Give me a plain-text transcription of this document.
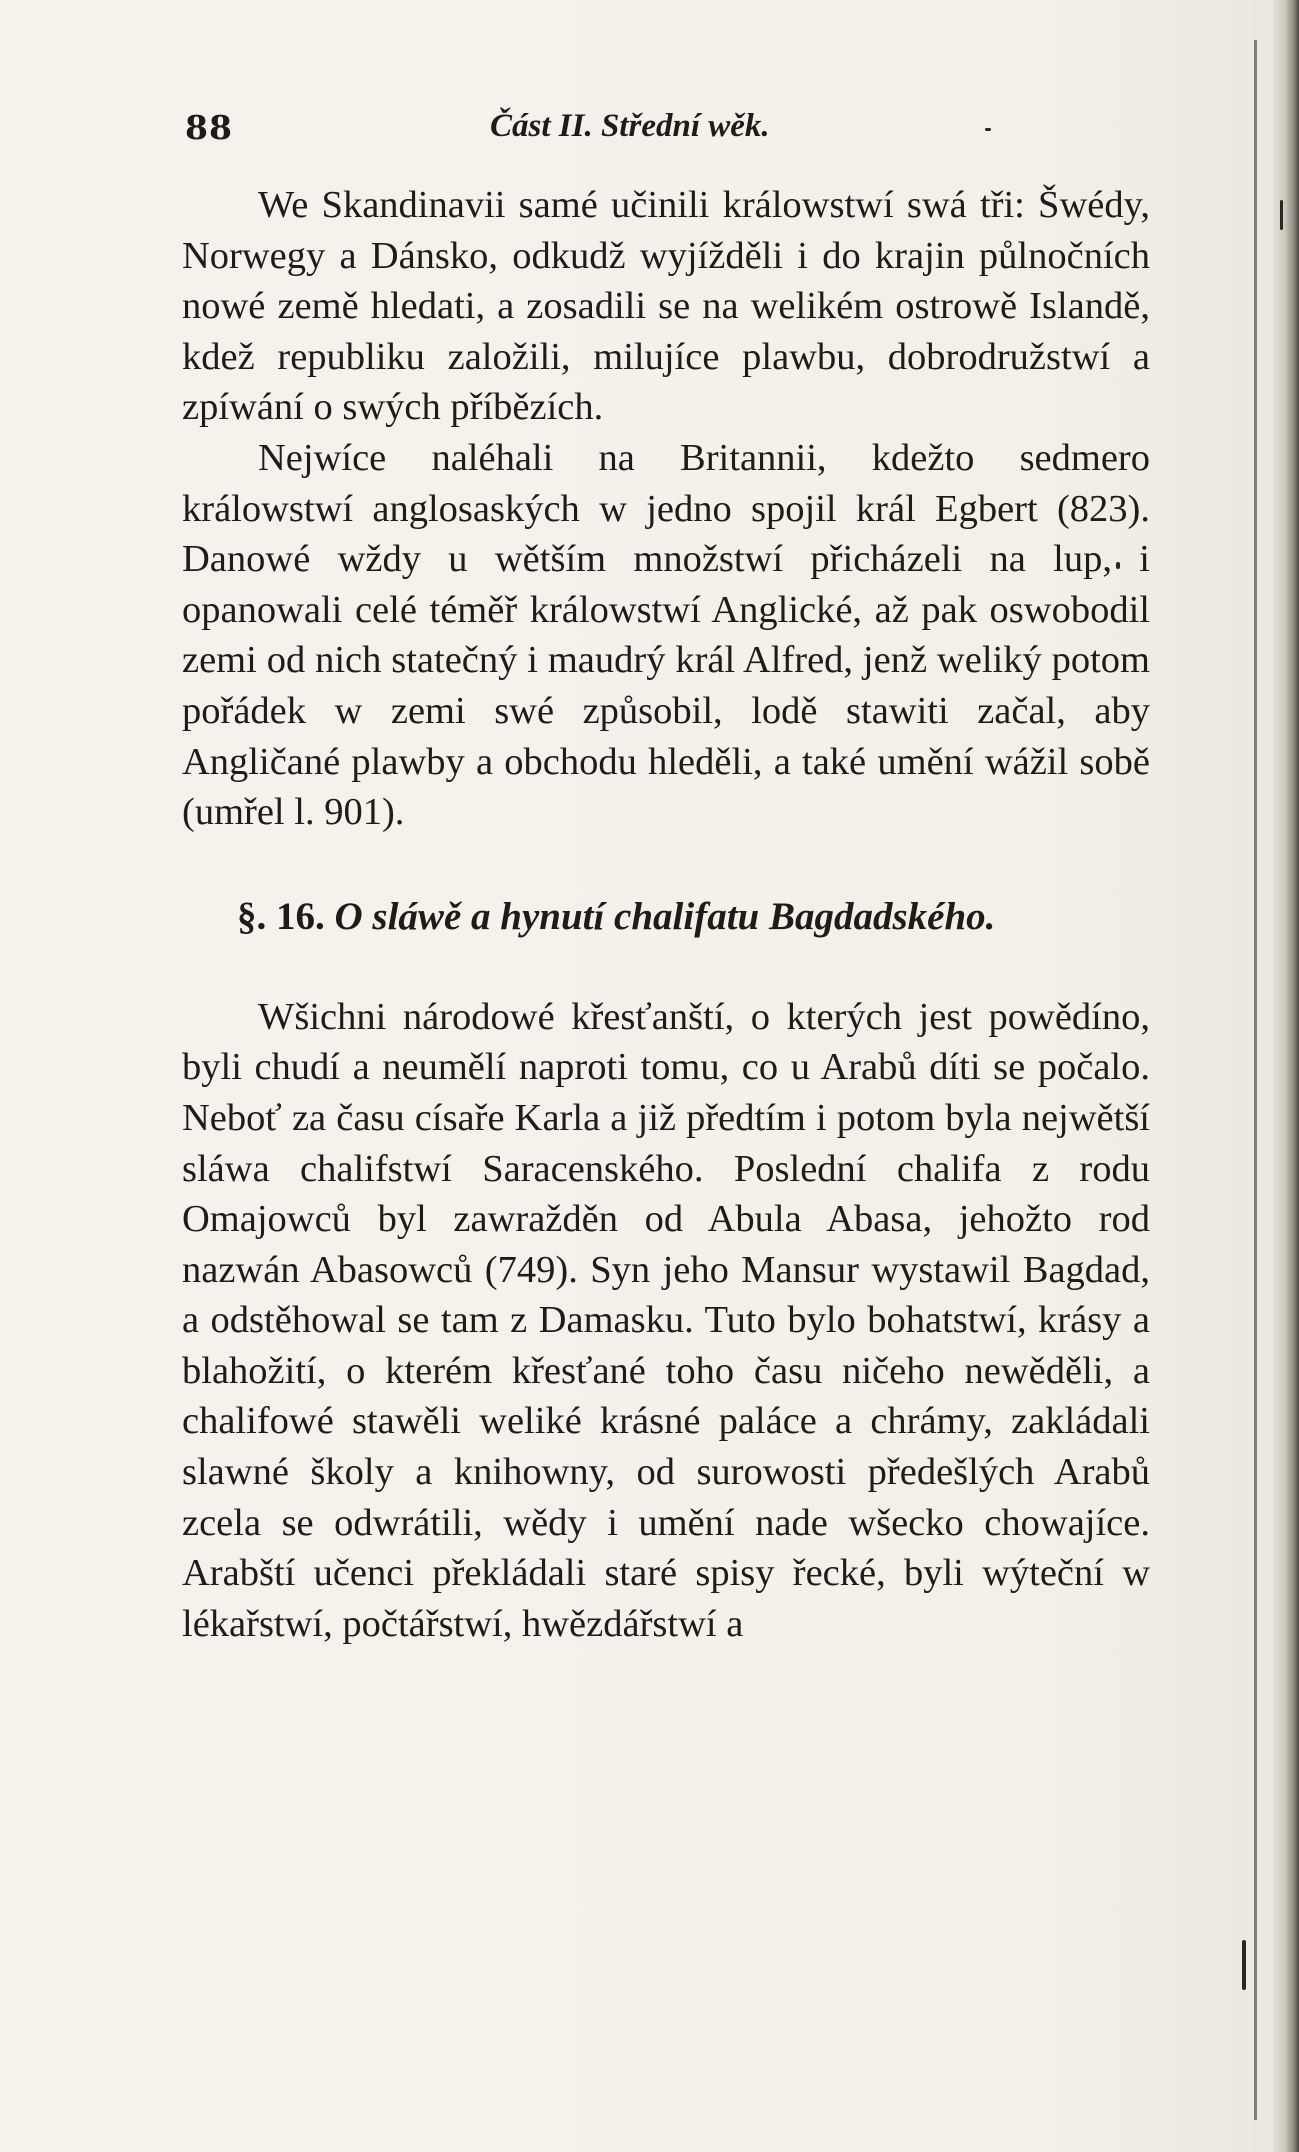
88	Část II. Střední wěk.

We Skandinavii samé učinili králowstwí swá tři: Šwédy, Norwegy a Dánsko, odkudž wyjížděli i do krajin půlnočních nowé země hledati, a zosadili se na welikém ostrowě Islandě, kdež republiku založili, milujíce plawbu, dobrodružstwí a zpíwání o swých příbězích.

Nejwíce naléhali na Britannii, kdežto sedmero králowstwí anglosaských w jedno spojil král Egbert (823). Danowé wždy u wětším množstwí přicházeli na lup, i opanowali celé téměř králowstwí Anglické, až pak oswobodil zemi od nich statečný i maudrý král Alfred, jenž weliký potom pořádek w zemi swé způsobil, lodě stawiti začal, aby Angličané plawby a obchodu hleděli, a také umění wážil sobě (umřel l. 901).

§. 16. O sláwě a hynutí chalifatu Bagdadského.

Wšichni národowé křesťanští, o kterých jest powědíno, byli chudí a neumělí naproti tomu, co u Arabů díti se počalo. Neboť za času císaře Karla a již předtím i potom byla nejwětší sláwa chalifstwí Saracenského. Poslední chalifa z rodu Omajowců byl zawražděn od Abula Abasa, jehožto rod nazwán Abasowců (749). Syn jeho Mansur wystawil Bagdad, a odstěhowal se tam z Damasku. Tuto bylo bohatstwí, krásy a blahožití, o kterém křesťané toho času ničeho newěděli, a chalifowé stawěli weliké krásné paláce a chrámy, zakládali slawné školy a knihowny, od surowosti předešlých Arabů zcela se odwrátili, wědy i umění nade wšecko chowajíce. Arabští učenci překládali staré spisy řecké, byli wýteční w lékařstwí, počtářstwí, hwězdářstwí a
